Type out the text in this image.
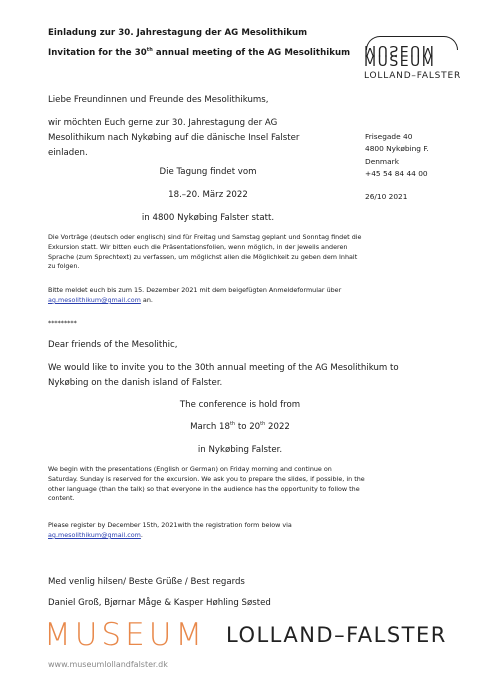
Einladung zur 30. Jahrestagung der AG Mesolithikum
Invitation for the 30th annual meeting of the AG Mesolithikum MUSEUM
MUSEUM
LOLLAND–FALSTER
Liebe Freundinnen und Freunde des Mesolithikums,
wir möchten Euch gerne zur 30. Jahrestagung der AG
Mesolithikum nach Nykøbing auf die dänische Insel Falster
einladen.
Frisegade 40
4800 Nykøbing F.
Denmark
+45 54 84 44 00
26/10 2021
Die Tagung findet vom
18.–20. März 2022
in 4800 Nykøbing Falster statt.
Die Vorträge (deutsch oder englisch) sind für Freitag und Samstag geplant und Sonntag findet die
Exkursion statt. Wir bitten euch die Präsentationsfolien, wenn möglich, in der jeweils anderen
Sprache (zum Sprechtext) zu verfassen, um möglichst allen die Möglichkeit zu geben dem Inhalt
zu folgen.
Bitte meldet euch bis zum 15. Dezember 2021 mit dem beigefügten Anmeldeformular über
ag.mesolithikum@gmail.com an.
*********
Dear friends of the Mesolithic,
We would like to invite you to the 30th annual meeting of the AG Mesolithikum to
Nykøbing on the danish island of Falster.
The conference is hold from
March 18th to 20th 2022
in Nykøbing Falster.
We begin with the presentations (English or German) on Friday morning and continue on
Saturday. Sunday is reserved for the excursion. We ask you to prepare the slides, if possible, in the
other language (than the talk) so that everyone in the audience has the opportunity to follow the
content.
Please register by December 15th, 2021with the registration form below via
ag.mesolithikum@gmail.com.
Med venlig hilsen/ Beste Grüße / Best regards
Daniel Groß, Bjørnar Måge & Kasper Høhling Søsted
MUSEUM LOLLAND–FALSTER
www.museumlollandfalster.dk
